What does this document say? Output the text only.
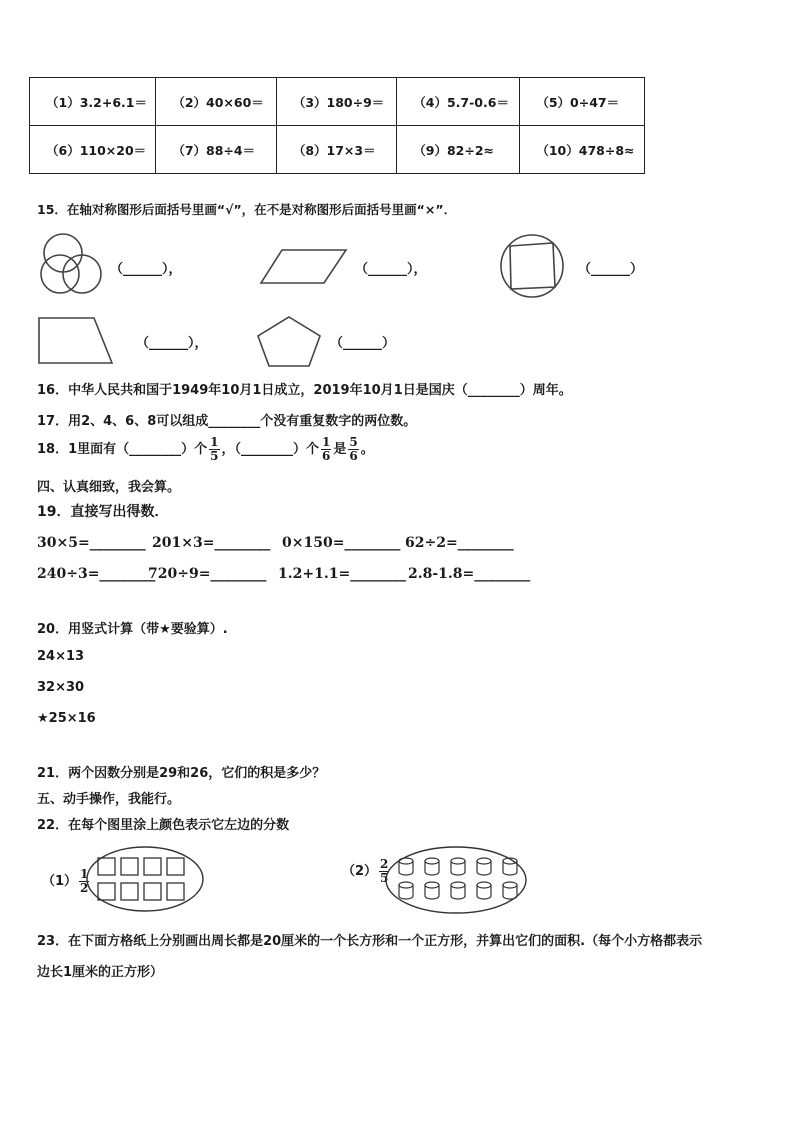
（1）3.2+6.1＝	（2）40×60＝	（3）180÷9＝	（4）5.7-0.6＝	（5）0÷47＝
（6）110×20＝	（7）88÷4＝	（8）17×3＝	（9）82÷2≈	（10）478÷8≈
15．在轴对称图形后面括号里画“√”，在不是对称图形后面括号里画“×”．
（______），	（______），	（______）
（______），	（______）
16．中华人民共和国于1949年10月1日成立，2019年10月1日是国庆（________）周年。
17．用2、4、6、8可以组成________个没有重复数字的两位数。
18．1里面有（________）个 $\frac{1}{5}$ ，（________）个 $\frac{1}{6}$ 是 $\frac{5}{6}$ 。
四、认真细致，我会算。
19．直接写出得数．
30×5=________ 201×3=________ 0×150=________ 62÷2=________
240÷3=________
720÷9=________ 1.2+1.1=________ 2.8-1.8=________
20．用竖式计算（带★要验算）.
24×13
32×30
★25×16
21．两个因数分别是29和26，它们的积是多少？
五、动手操作，我能行。
22．在每个图里涂上颜色表示它左边的分数
$(1) \frac{1}{2}$	$(2) \frac{2}{5}$
23．在下面方格纸上分别画出周长都是20厘米的一个长方形和一个正方形，并算出它们的面积.（每个小方格都表示
边长1厘米的正方形）
